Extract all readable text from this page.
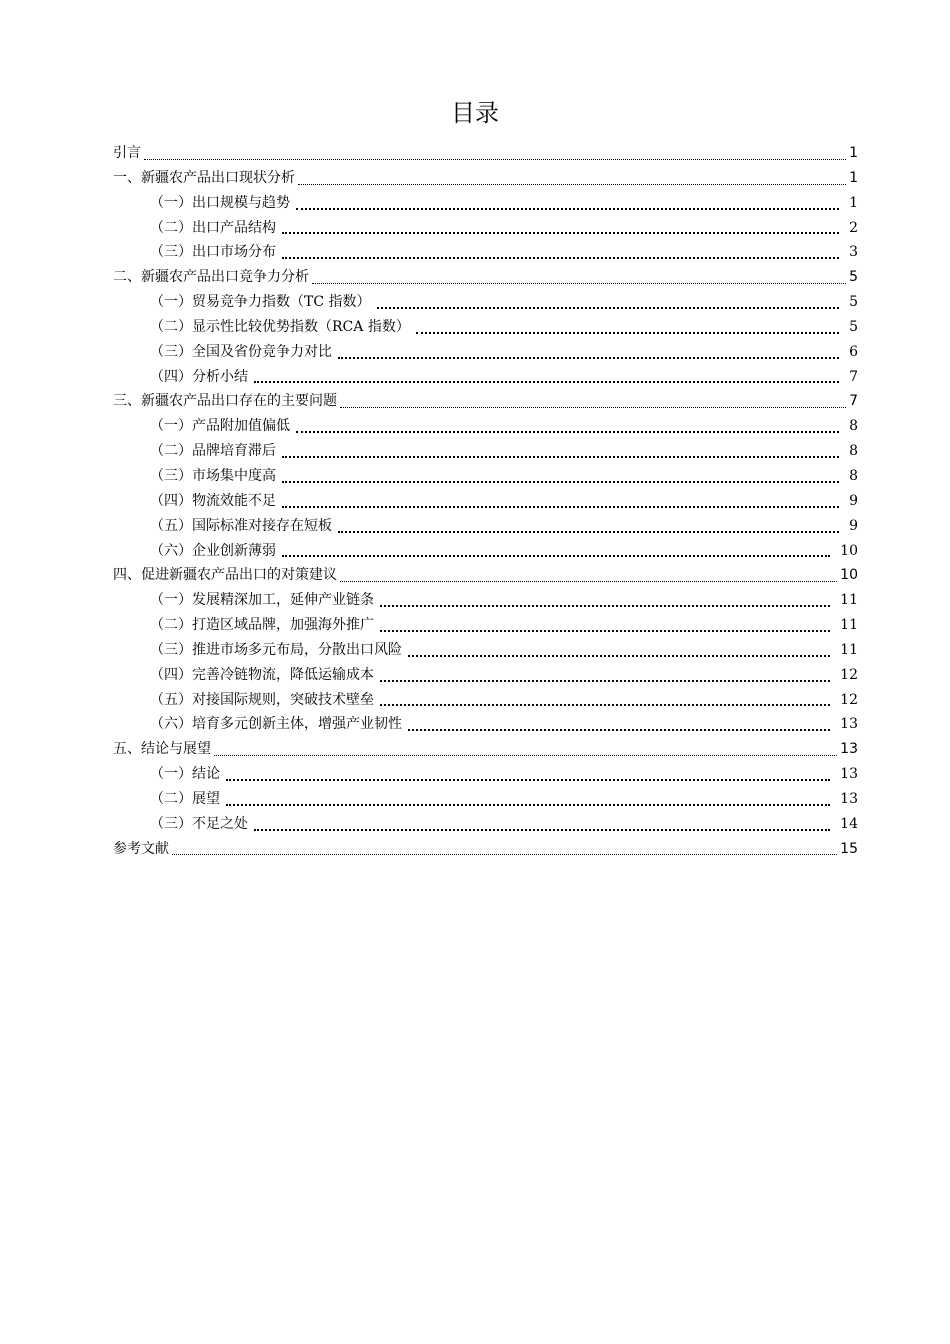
目录
引言	1
一、新疆农产品出口现状分析	1
（一）出口规模与趋势	1
（二）出口产品结构	2
（三）出口市场分布	3
二、新疆农产品出口竞争力分析	5
（一）贸易竞争力指数（TC 指数）	5
（二）显示性比较优势指数（RCA 指数）	5
（三）全国及省份竞争力对比	6
（四）分析小结	7
三、新疆农产品出口存在的主要问题	7
（一）产品附加值偏低	8
（二）品牌培育滞后	8
（三）市场集中度高	8
（四）物流效能不足	9
（五）国际标准对接存在短板	9
（六）企业创新薄弱	10
四、促进新疆农产品出口的对策建议	10
（一）发展精深加工，延伸产业链条	11
（二）打造区域品牌，加强海外推广	11
（三）推进市场多元布局，分散出口风险	11
（四）完善冷链物流，降低运输成本	12
（五）对接国际规则，突破技术壁垒	12
（六）培育多元创新主体，增强产业韧性	13
五、结论与展望	13
（一）结论	13
（二）展望	13
（三）不足之处	14
参考文献	15
